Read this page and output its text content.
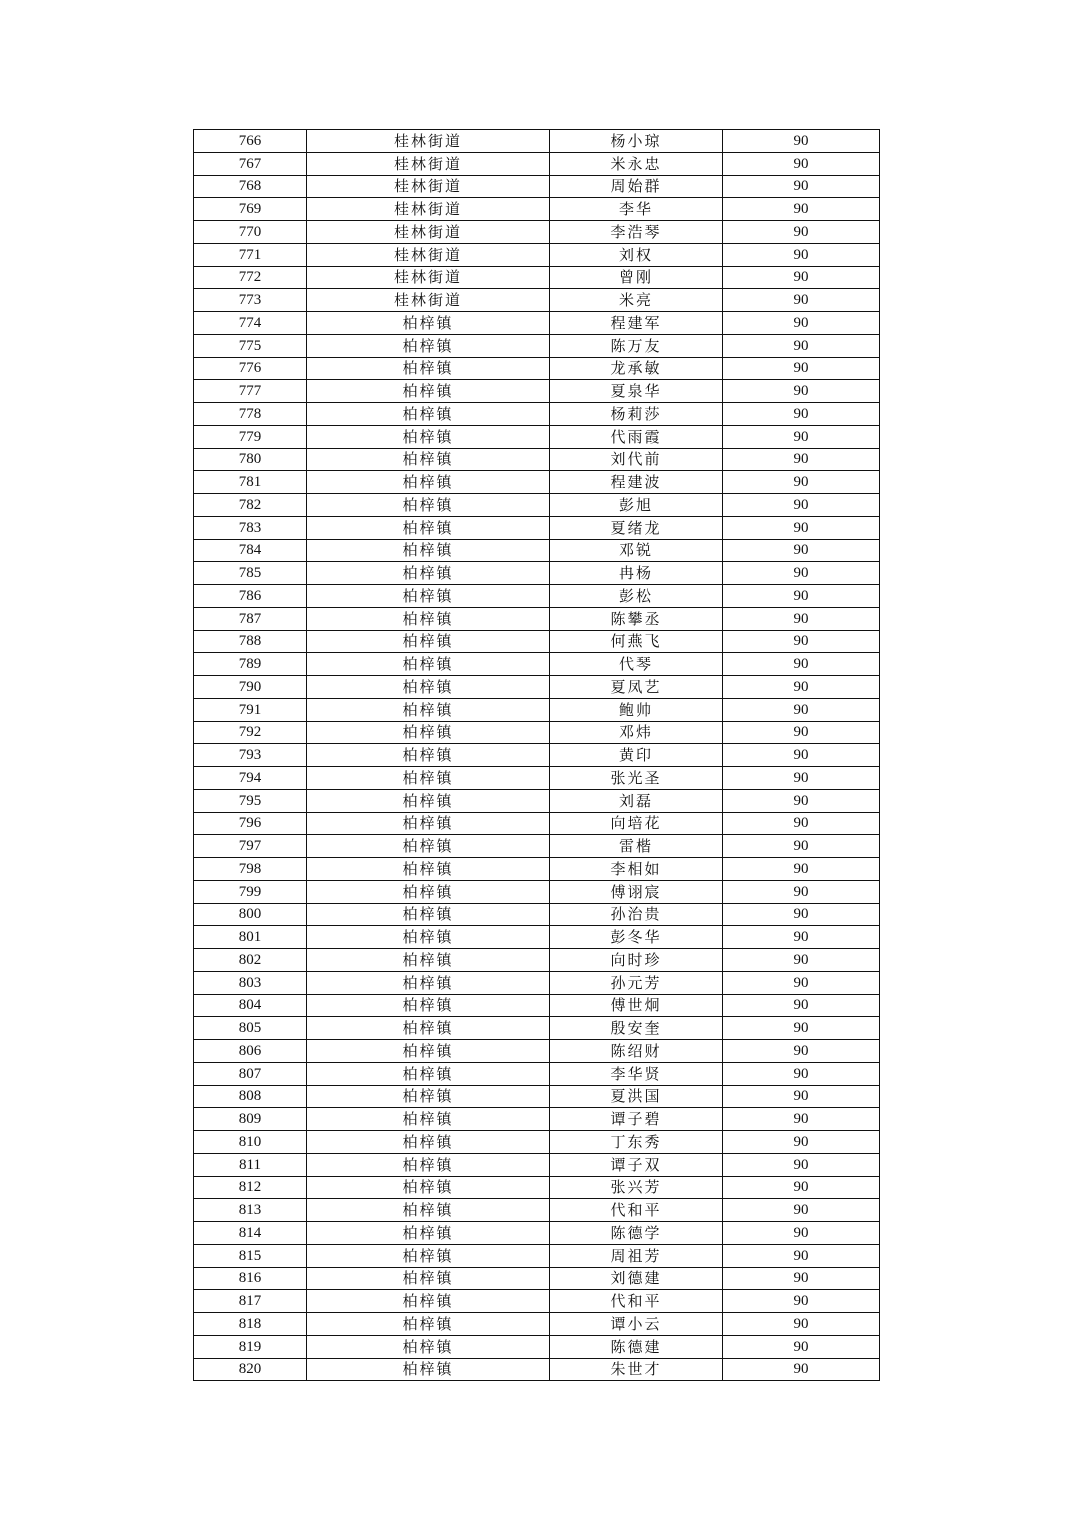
766	桂林街道	杨小琼	90
767	桂林街道	米永忠	90
768	桂林街道	周始群	90
769	桂林街道	李华	90
770	桂林街道	李浩琴	90
771	桂林街道	刘权	90
772	桂林街道	曾刚	90
773	桂林街道	米亮	90
774	柏梓镇	程建军	90
775	柏梓镇	陈万友	90
776	柏梓镇	龙承敏	90
777	柏梓镇	夏泉华	90
778	柏梓镇	杨莉莎	90
779	柏梓镇	代雨霞	90
780	柏梓镇	刘代前	90
781	柏梓镇	程建波	90
782	柏梓镇	彭旭	90
783	柏梓镇	夏绪龙	90
784	柏梓镇	邓锐	90
785	柏梓镇	冉杨	90
786	柏梓镇	彭松	90
787	柏梓镇	陈攀丞	90
788	柏梓镇	何燕飞	90
789	柏梓镇	代琴	90
790	柏梓镇	夏凤艺	90
791	柏梓镇	鲍帅	90
792	柏梓镇	邓炜	90
793	柏梓镇	黄印	90
794	柏梓镇	张光圣	90
795	柏梓镇	刘磊	90
796	柏梓镇	向培花	90
797	柏梓镇	雷楷	90
798	柏梓镇	李相如	90
799	柏梓镇	傅诩宸	90
800	柏梓镇	孙治贵	90
801	柏梓镇	彭冬华	90
802	柏梓镇	向时珍	90
803	柏梓镇	孙元芳	90
804	柏梓镇	傅世炯	90
805	柏梓镇	殷安奎	90
806	柏梓镇	陈绍财	90
807	柏梓镇	李华贤	90
808	柏梓镇	夏洪国	90
809	柏梓镇	谭子碧	90
810	柏梓镇	丁东秀	90
811	柏梓镇	谭子双	90
812	柏梓镇	张兴芳	90
813	柏梓镇	代和平	90
814	柏梓镇	陈德学	90
815	柏梓镇	周祖芳	90
816	柏梓镇	刘德建	90
817	柏梓镇	代和平	90
818	柏梓镇	谭小云	90
819	柏梓镇	陈德建	90
820	柏梓镇	朱世才	90
